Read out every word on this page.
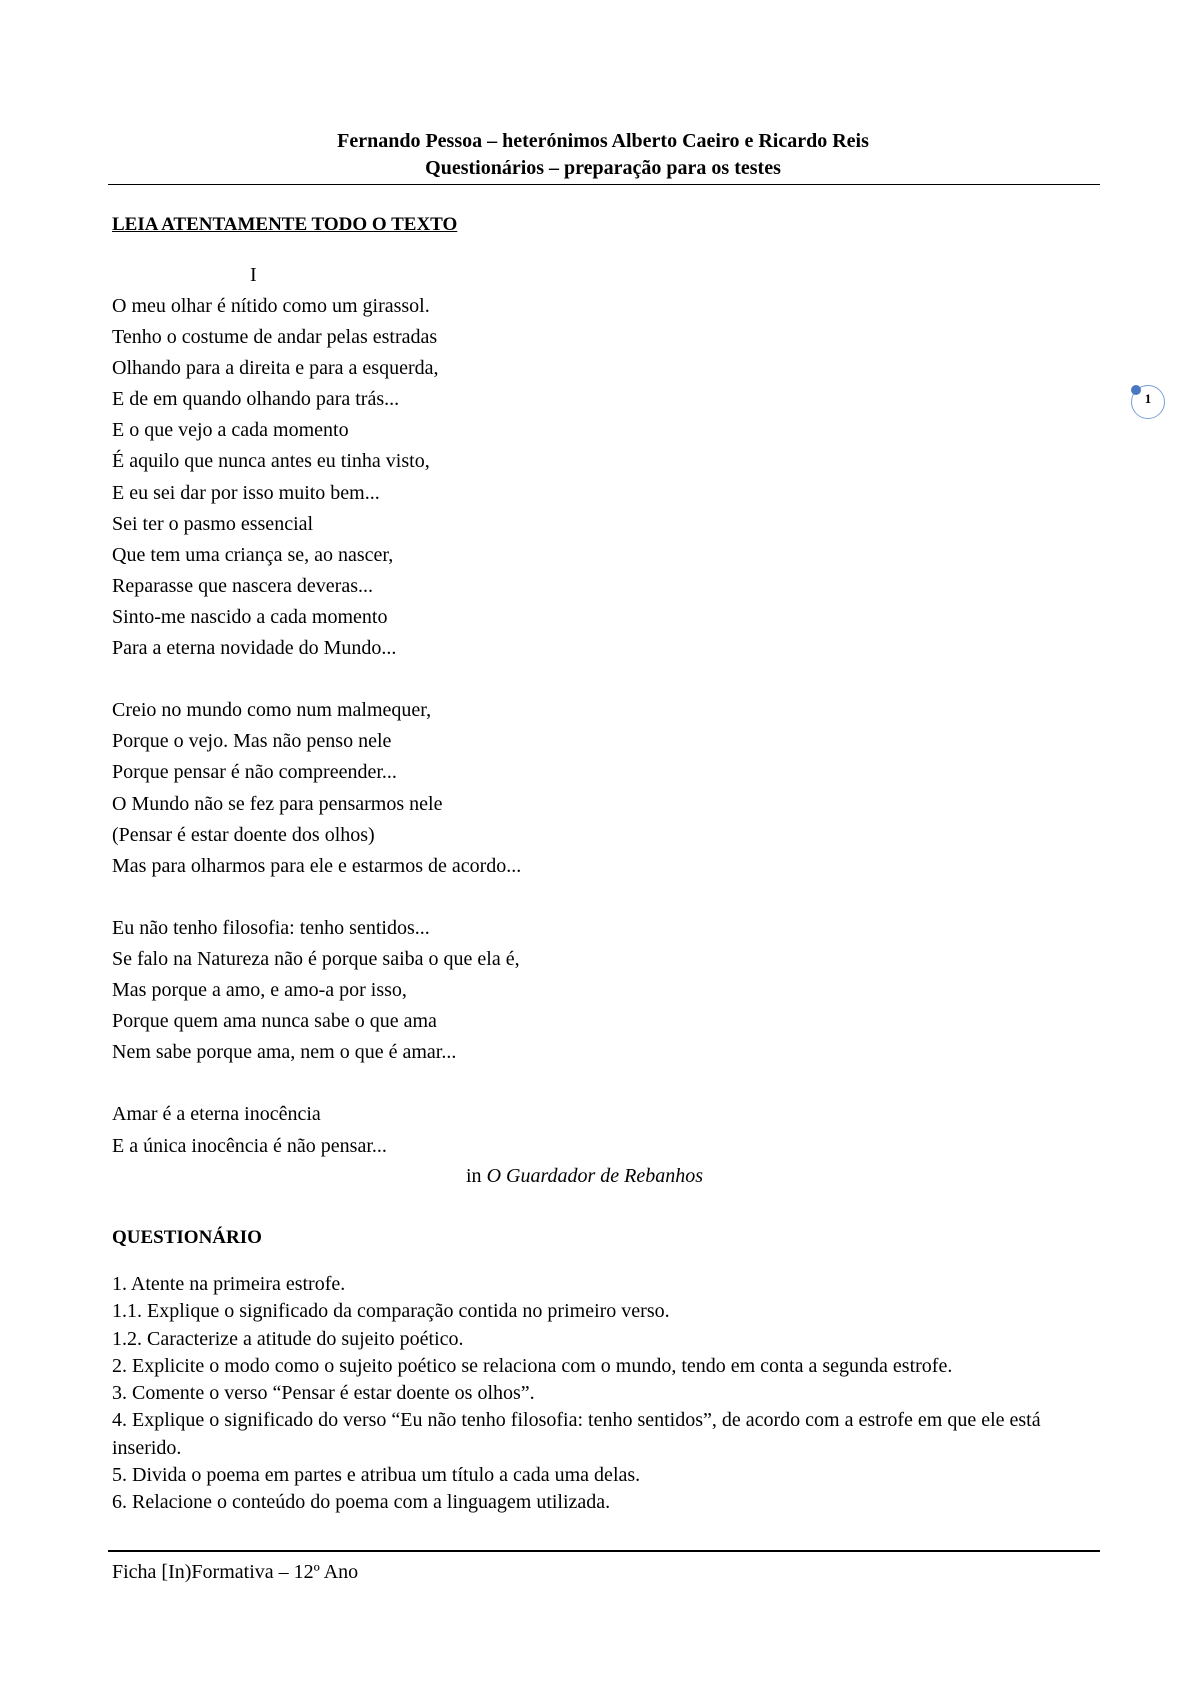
Fernando Pessoa – heterónimos Alberto Caeiro e Ricardo Reis
Questionários – preparação para os testes
LEIA ATENTAMENTE TODO O TEXTO
I
O meu olhar é nítido como um girassol.
Tenho o costume de andar pelas estradas
Olhando para a direita e para a esquerda,
E de em quando olhando para trás...
E o que vejo a cada momento
É aquilo que nunca antes eu tinha visto,
E eu sei dar por isso muito bem...
Sei ter o pasmo essencial
Que tem uma criança se, ao nascer,
Reparasse que nascera deveras...
Sinto-me nascido a cada momento
Para a eterna novidade do Mundo...
Creio no mundo como num malmequer,
Porque o vejo. Mas não penso nele
Porque pensar é não compreender...
O Mundo não se fez para pensarmos nele
(Pensar é estar doente dos olhos)
Mas para olharmos para ele e estarmos de acordo...
Eu não tenho filosofia: tenho sentidos...
Se falo na Natureza não é porque saiba o que ela é,
Mas porque a amo, e amo-a por isso,
Porque quem ama nunca sabe o que ama
Nem sabe porque ama, nem o que é amar...
Amar é a eterna inocência
E a única inocência é não pensar...
in O Guardador de Rebanhos
QUESTIONÁRIO
1. Atente na primeira estrofe.
1.1. Explique o significado da comparação contida no primeiro verso.
1.2. Caracterize a atitude do sujeito poético.
2. Explicite o modo como o sujeito poético se relaciona com o mundo, tendo em conta a segunda estrofe.
3. Comente o verso “Pensar é estar doente os olhos”.
4. Explique o significado do verso “Eu não tenho filosofia: tenho sentidos”, de acordo com a estrofe em que ele está inserido.
5. Divida o poema em partes e atribua um título a cada uma delas.
6. Relacione o conteúdo do poema com a linguagem utilizada.
Ficha [In)Formativa – 12º Ano
1
